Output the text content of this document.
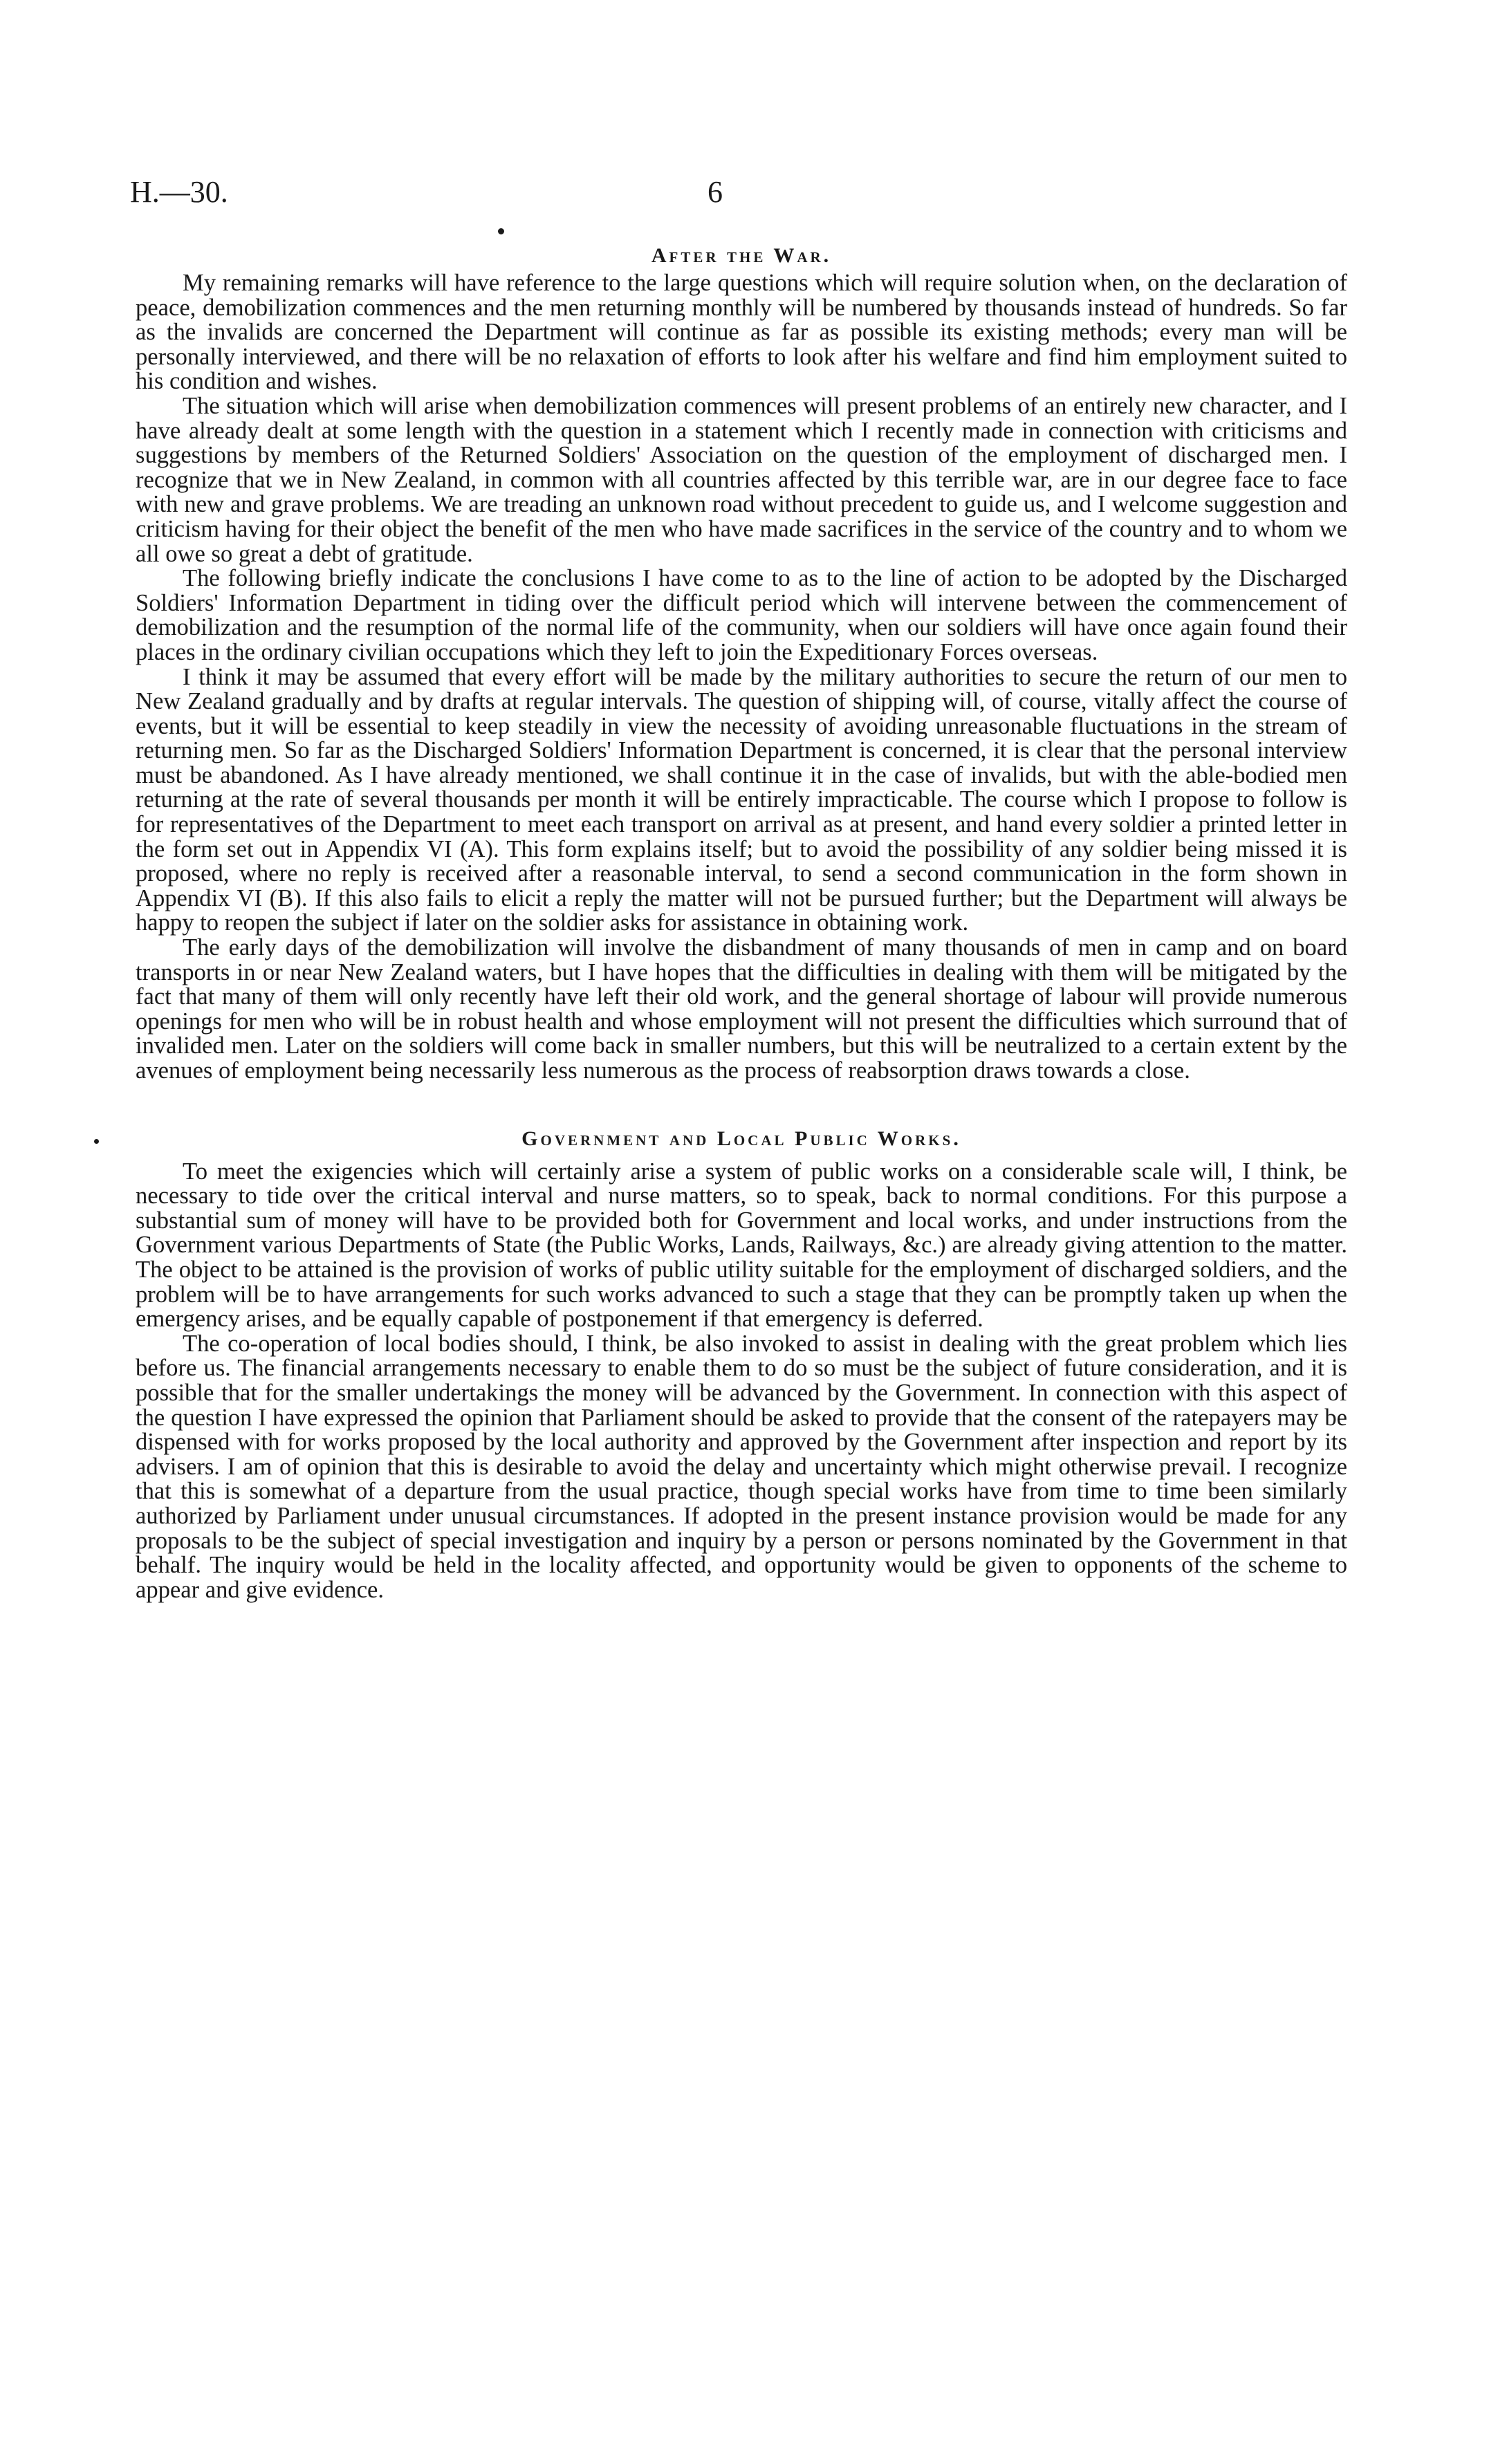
H.—30.	6
After the War.

My remaining remarks will have reference to the large questions which will require solution when, on the declaration of peace, demobilization commences and the men returning monthly will be numbered by thousands instead of hundreds. So far as the invalids are concerned the Department will continue as far as possible its existing methods; every man will be personally interviewed, and there will be no relaxation of efforts to look after his welfare and find him employment suited to his condition and wishes.

The situation which will arise when demobilization commences will present problems of an entirely new character, and I have already dealt at some length with the question in a statement which I recently made in connection with criticisms and suggestions by members of the Returned Soldiers' Association on the question of the employment of discharged men. I recognize that we in New Zealand, in common with all countries affected by this terrible war, are in our degree face to face with new and grave problems. We are treading an unknown road without precedent to guide us, and I welcome suggestion and criticism having for their object the benefit of the men who have made sacrifices in the service of the country and to whom we all owe so great a debt of gratitude.

The following briefly indicate the conclusions I have come to as to the line of action to be adopted by the Discharged Soldiers' Information Department in tiding over the difficult period which will intervene between the commencement of demobilization and the resumption of the normal life of the community, when our soldiers will have once again found their places in the ordinary civilian occupations which they left to join the Expeditionary Forces overseas.

I think it may be assumed that every effort will be made by the military authorities to secure the return of our men to New Zealand gradually and by drafts at regular intervals. The question of shipping will, of course, vitally affect the course of events, but it will be essential to keep steadily in view the necessity of avoiding unreasonable fluctuations in the stream of returning men. So far as the Discharged Soldiers' Information Department is concerned, it is clear that the personal interview must be abandoned. As I have already mentioned, we shall continue it in the case of invalids, but with the able-bodied men returning at the rate of several thousands per month it will be entirely impracticable. The course which I propose to follow is for representatives of the Department to meet each transport on arrival as at present, and hand every soldier a printed letter in the form set out in Appendix VI (A). This form explains itself; but to avoid the possibility of any soldier being missed it is proposed, where no reply is received after a reasonable interval, to send a second communication in the form shown in Appendix VI (B). If this also fails to elicit a reply the matter will not be pursued further; but the Department will always be happy to reopen the subject if later on the soldier asks for assistance in obtaining work.

The early days of the demobilization will involve the disbandment of many thousands of men in camp and on board transports in or near New Zealand waters, but I have hopes that the difficulties in dealing with them will be mitigated by the fact that many of them will only recently have left their old work, and the general shortage of labour will provide numerous openings for men who will be in robust health and whose employment will not present the difficulties which surround that of invalided men. Later on the soldiers will come back in smaller numbers, but this will be neutralized to a certain extent by the avenues of employment being necessarily less numerous as the process of reabsorption draws towards a close.

Government and Local Public Works.

To meet the exigencies which will certainly arise a system of public works on a considerable scale will, I think, be necessary to tide over the critical interval and nurse matters, so to speak, back to normal conditions. For this purpose a substantial sum of money will have to be provided both for Government and local works, and under instructions from the Government various Departments of State (the Public Works, Lands, Railways, &c.) are already giving attention to the matter. The object to be attained is the provision of works of public utility suitable for the employment of discharged soldiers, and the problem will be to have arrangements for such works advanced to such a stage that they can be promptly taken up when the emergency arises, and be equally capable of postponement if that emergency is deferred.

The co-operation of local bodies should, I think, be also invoked to assist in dealing with the great problem which lies before us. The financial arrangements necessary to enable them to do so must be the subject of future consideration, and it is possible that for the smaller undertakings the money will be advanced by the Government. In connection with this aspect of the question I have expressed the opinion that Parliament should be asked to provide that the consent of the ratepayers may be dispensed with for works proposed by the local authority and approved by the Government after inspection and report by its advisers. I am of opinion that this is desirable to avoid the delay and uncertainty which might otherwise prevail. I recognize that this is somewhat of a departure from the usual practice, though special works have from time to time been similarly authorized by Parliament under unusual circumstances. If adopted in the present instance provision would be made for any proposals to be the subject of special investigation and inquiry by a person or persons nominated by the Government in that behalf. The inquiry would be held in the locality affected, and opportunity would be given to opponents of the scheme to appear and give evidence.
